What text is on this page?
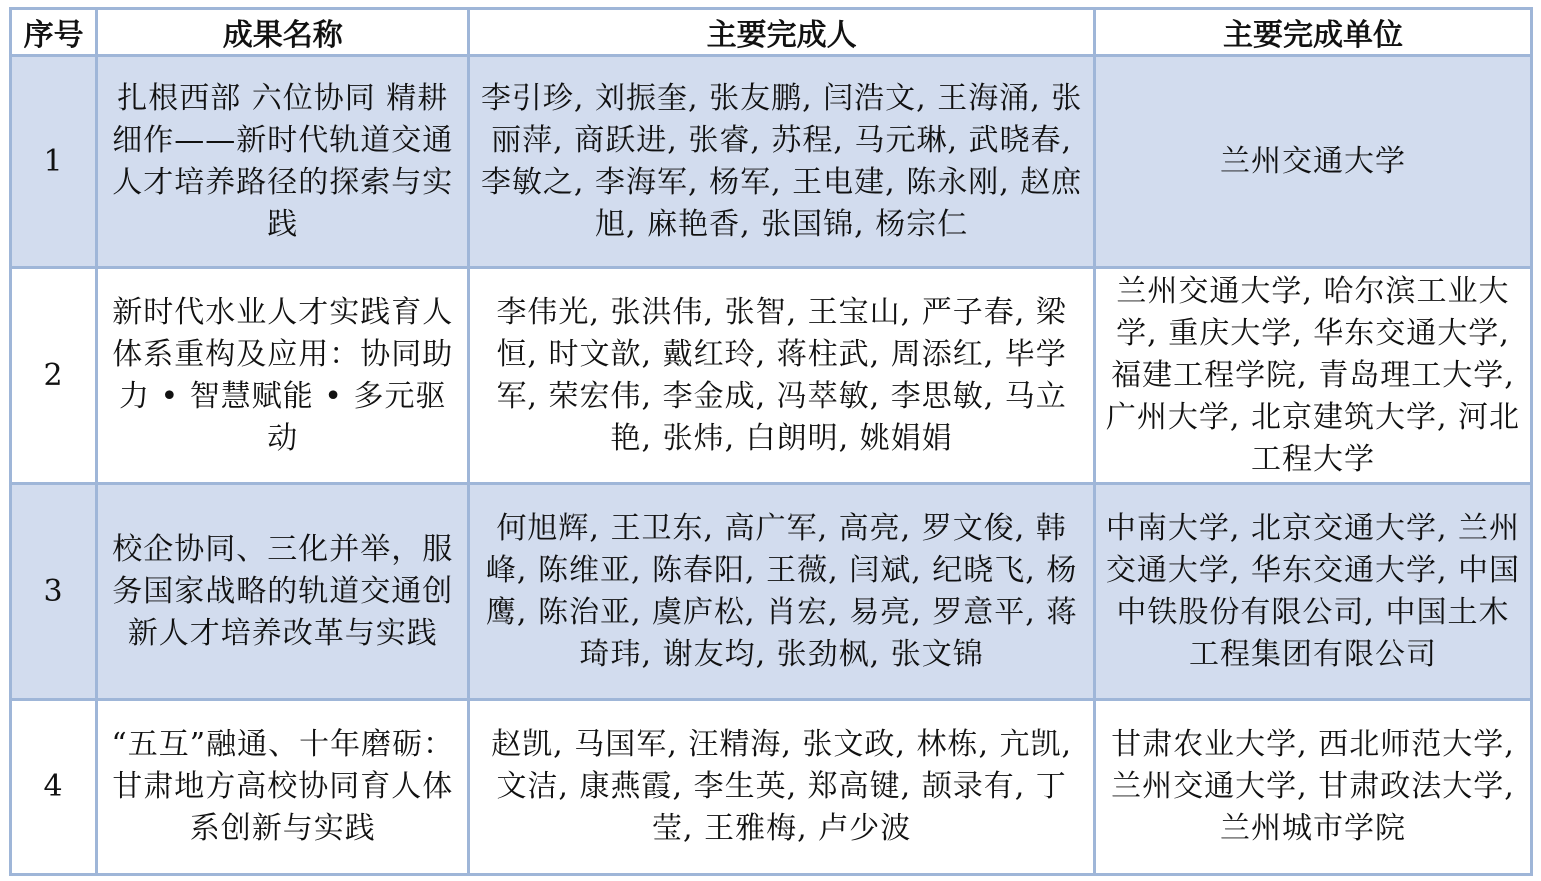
序号	成果名称	主要完成人	主要完成单位
1	扎根西部 六位协同 精耕细作——新时代轨道交通人才培养路径的探索与实践	李引珍, 刘振奎, 张友鹏, 闫浩文, 王海涌, 张丽萍, 商跃进, 张睿, 苏程, 马元琳, 武晓春, 李敏之, 李海军, 杨军, 王电建, 陈永刚, 赵庶旭, 麻艳香, 张国锦, 杨宗仁	兰州交通大学
2	新时代水业人才实践育人体系重构及应用：协同助力 • 智慧赋能 • 多元驱动	李伟光, 张洪伟, 张智, 王宝山, 严子春, 梁恒, 时文歆, 戴红玲, 蒋柱武, 周添红, 毕学军, 荣宏伟, 李金成, 冯萃敏, 李思敏, 马立艳, 张炜, 白朗明, 姚娟娟	兰州交通大学, 哈尔滨工业大学, 重庆大学, 华东交通大学, 福建工程学院, 青岛理工大学, 广州大学, 北京建筑大学, 河北工程大学
3	校企协同、三化并举，服务国家战略的轨道交通创新人才培养改革与实践	何旭辉, 王卫东, 高广军, 高亮, 罗文俊, 韩峰, 陈维亚, 陈春阳, 王薇, 闫斌, 纪晓飞, 杨鹰, 陈治亚, 虞庐松, 肖宏, 易亮, 罗意平, 蒋琦玮, 谢友均, 张劲枫, 张文锦	中南大学, 北京交通大学, 兰州交通大学, 华东交通大学, 中国中铁股份有限公司, 中国土木工程集团有限公司
4	“五互”融通、十年磨砺：甘肃地方高校协同育人体系创新与实践	赵凯, 马国军, 汪精海, 张文政, 林栋, 亢凯, 文洁, 康燕霞, 李生英, 郑高键, 颉录有, 丁莹, 王雅梅, 卢少波	甘肃农业大学, 西北师范大学, 兰州交通大学, 甘肃政法大学, 兰州城市学院
